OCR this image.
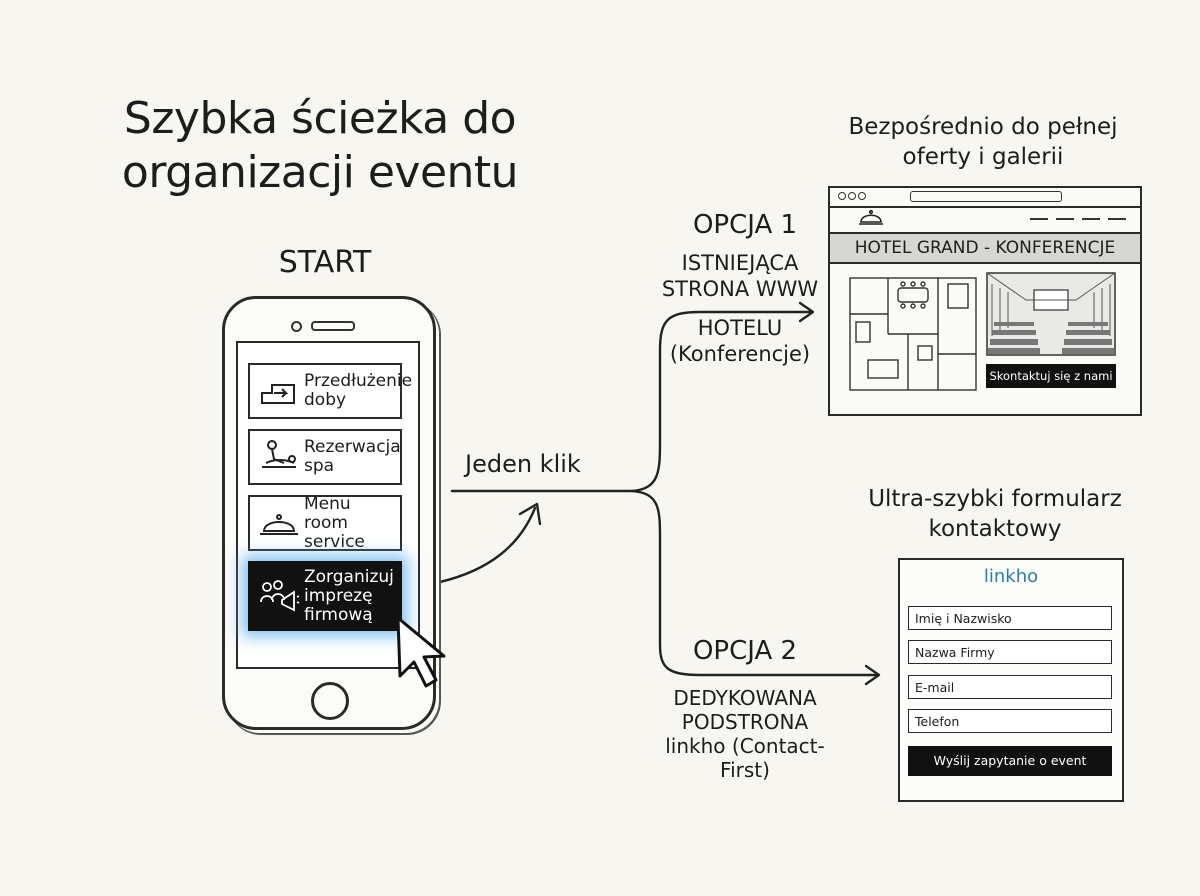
Szybka ścieżka do organizacji eventu
START
Przedłużenie doby
Rezerwacja spa
Menu room service
Zorganizuj imprezę firmową
Jeden klik
OPCJA 1
ISTNIEJĄCA STRONA WWW
HOTELU (Konferencje)
OPCJA 2
DEDYKOWANA PODSTRONA linkho (Contact-First)
Bezpośrednio do pełnej oferty i galerii
Ultra-szybki formularz kontaktowy
HOTEL GRAND - KONFERENCJE
Skontaktuj się z nami
linkho
Imię i Nazwisko
Nazwa Firmy
E-mail
Telefon
Wyślij zapytanie o event
